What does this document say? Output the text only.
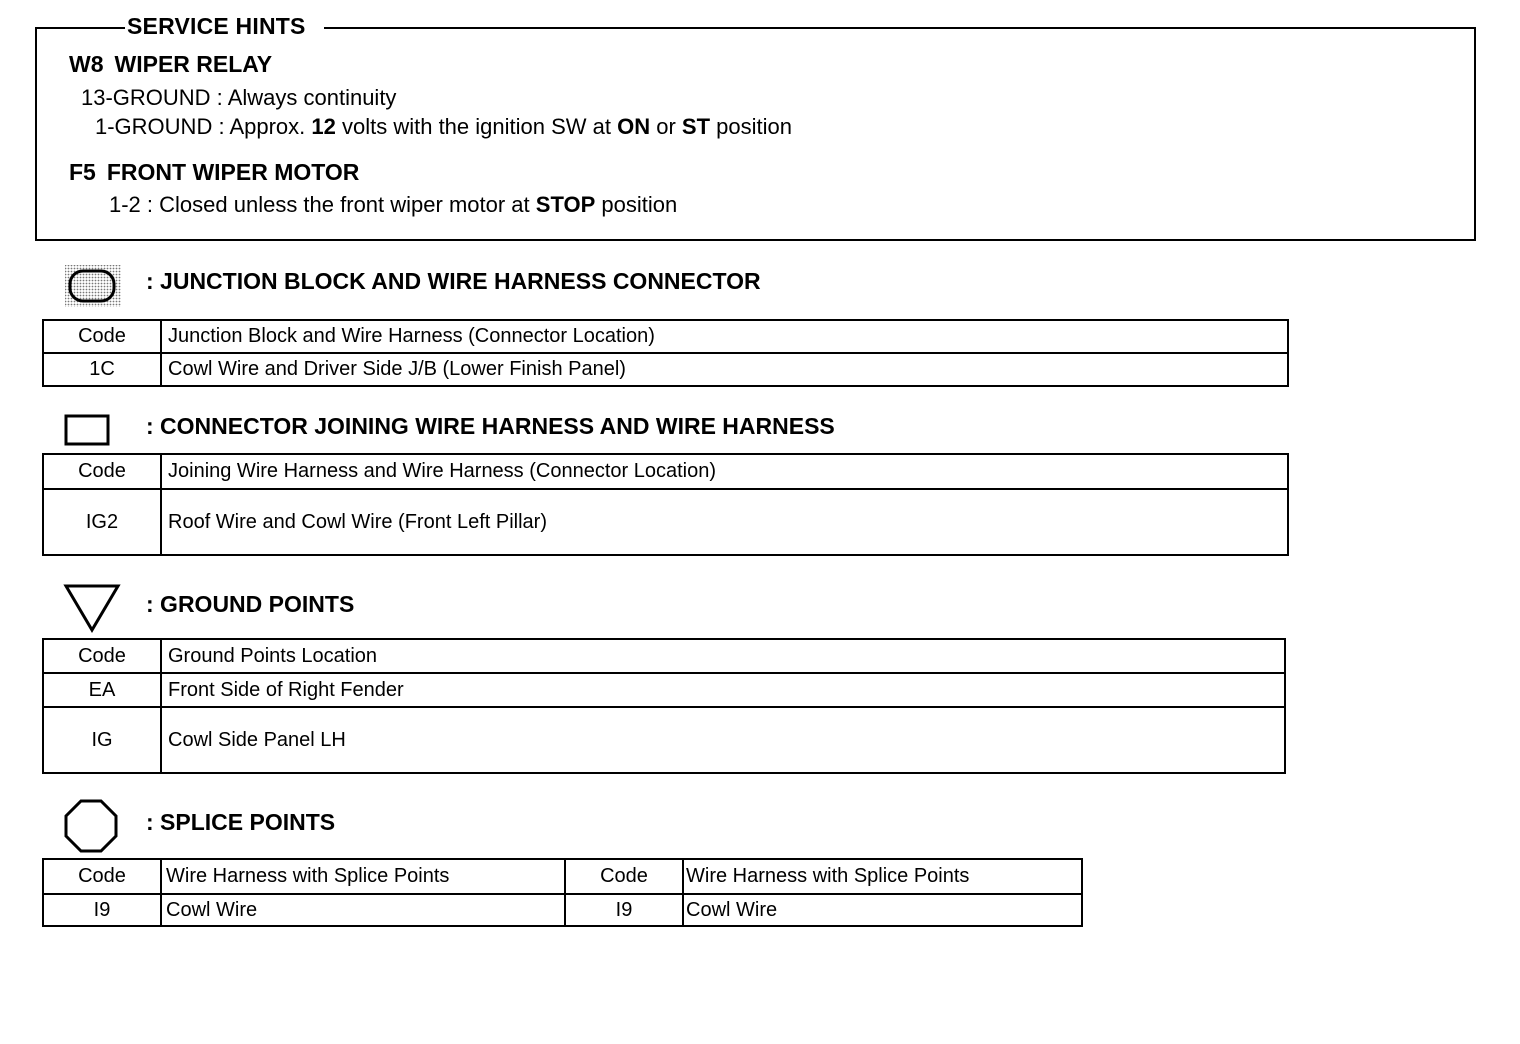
SERVICE HINTS
W8 WIPER RELAY
13-GROUND : Always continuity
1-GROUND : Approx. 12 volts with the ignition SW at ON or ST position
F5 FRONT WIPER MOTOR
1-2 : Closed unless the front wiper motor at STOP position
: JUNCTION BLOCK AND WIRE HARNESS CONNECTOR
Code	Junction Block and Wire Harness (Connector Location)
1C	Cowl Wire and Driver Side J/B (Lower Finish Panel)
: CONNECTOR JOINING WIRE HARNESS AND WIRE HARNESS
Code	Joining Wire Harness and Wire Harness (Connector Location)
IG2	Roof Wire and Cowl Wire (Front Left Pillar)
: GROUND POINTS
Code	Ground Points Location
EA	Front Side of Right Fender
IG	Cowl Side Panel LH
: SPLICE POINTS
Code	Wire Harness with Splice Points	Code	Wire Harness with Splice Points
I9	Cowl Wire	I9	Cowl Wire
